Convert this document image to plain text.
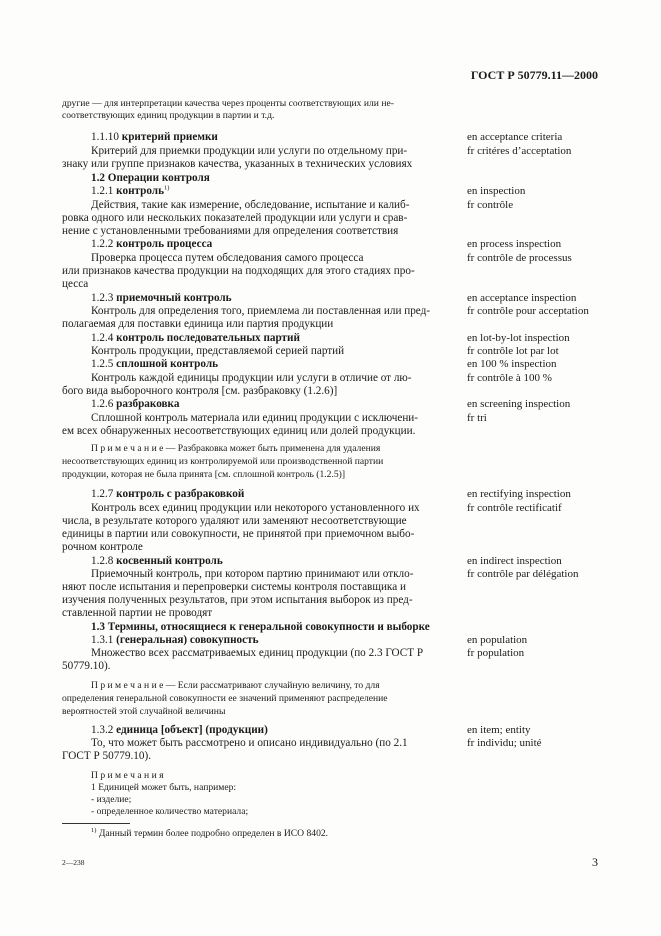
ГОСТ Р 50779.11—2000
другие — для интерпретации качества через проценты соответствующих или не-
соответствующих единиц продукции в партии и т.д.
1.1.10 критерий приемки
Критерий для приемки продукции или услуги по отдельному при-
знаку или группе признаков качества, указанных в технических условиях
en acceptance criteria
fr critéres d’acceptation
1.2 Операции контроля
1.2.1 контроль$^{1)}$
Действия, такие как измерение, обследование, испытание и калиб-
ровка одного или нескольких показателей продукции или услуги и срав-
нение с установленными требованиями для определения соответствия
en inspection
fr contrôle
1.2.2 контроль процесса
Проверка процесса путем обследования самого процесса
или признаков качества продукции на подходящих для этого стадиях про-
цесса
en process inspection
fr contrôle de processus
1.2.3 приемочный контроль
Контроль для определения того, приемлема ли поставленная или пред-
полагаемая для поставки единица или партия продукции
en acceptance inspection
fr contrôle pour acceptation
1.2.4 контроль последовательных партий
Контроль продукции, представляемой серией партий
en lot-by-lot inspection
fr contrôle lot par lot
1.2.5 сплошной контроль
Контроль каждой единицы продукции или услуги в отличие от лю-
бого вида выборочного контроля [см. разбраковку (1.2.6)]
en 100 % inspection
fr contrôle à 100 %
1.2.6 разбраковка
Сплошной контроль материала или единиц продукции с исключени-
ем всех обнаруженных несоответствующих единиц или долей продукции.
en screening inspection
fr tri
П р и м е ч а н и е — Разбраковка может быть применена для удаления
несоответствующих единиц из контролируемой или производственной партии
продукции, которая не была принята [см. сплошной контроль (1.2.5)]
1.2.7 контроль с разбраковкой
Контроль всех единиц продукции или некоторого установленного их
числа, в результате которого удаляют или заменяют несоответствующие
единицы в партии или совокупности, не принятой при приемочном выбо-
рочном контроле
en rectifying inspection
fr contrôle rectificatif
1.2.8 косвенный контроль
Приемочный контроль, при котором партию принимают или откло-
няют после испытания и перепроверки системы контроля поставщика и
изучения полученных результатов, при этом испытания выборок из пред-
ставленной партии не проводят
en indirect inspection
fr contrôle par délégation
1.3 Термины, относящиеся к генеральной совокупности и выборке
1.3.1 (генеральная) совокупность
Множество всех рассматриваемых единиц продукции (по 2.3 ГОСТ Р
50779.10).
en population
fr population
П р и м е ч а н и е — Если рассматривают случайную величину, то для
определения генеральной совокупности ее значений применяют распределение
вероятностей этой случайной величины
1.3.2 единица [объект] (продукции)
То, что может быть рассмотрено и описано индивидуально (по 2.1
ГОСТ Р 50779.10).
en item; entity
fr individu; unité
П р и м е ч а н и я
1 Единицей может быть, например:
- изделие;
- определенное количество материала;
$^{1)}$ Данный термин более подробно определен в ИСО 8402.
2—238	3
